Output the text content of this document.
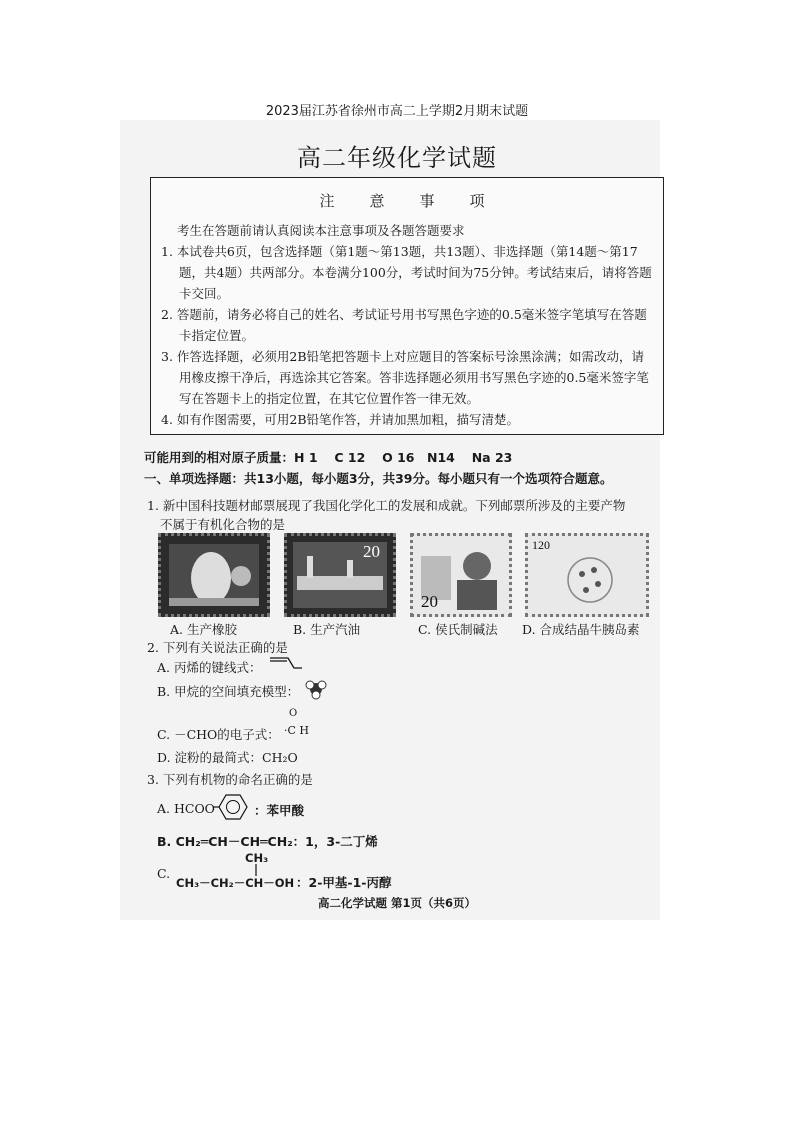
2023届江苏省徐州市高二上学期2月期末试题
高二年级化学试题
注　意　事　项
考生在答题前请认真阅读本注意事项及各题答题要求
1. 本试卷共6页，包含选择题（第1题～第13题，共13题）、非选择题（第14题～第17题，共4题）共两部分。本卷满分100分，考试时间为75分钟。考试结束后，请将答题卡交回。
2. 答题前，请务必将自己的姓名、考试证号用书写黑色字迹的0.5毫米签字笔填写在答题卡指定位置。
3. 作答选择题，必须用2B铅笔把答题卡上对应题目的答案标号涂黑涂满；如需改动，请用橡皮擦干净后，再选涂其它答案。答非选择题必须用书写黑色字迹的0.5毫米签字笔写在答题卡上的指定位置，在其它位置作答一律无效。
4. 如有作图需要，可用2B铅笔作答，并请加黑加粗，描写清楚。
可能用到的相对原子质量：H 1　 C 12　 O 16　N14　 Na 23
一、单项选择题：共13小题，每小题3分，共39分。每小题只有一个选项符合题意。
1. 新中国科技题材邮票展现了我国化学化工的发展和成就。下列邮票所涉及的主要产物
不属于有机化合物的是
20
20
120
A. 生产橡胶	B. 生产汽油	C. 侯氏制碱法 D. 合成结晶牛胰岛素
2. 下列有关说法正确的是
A. 丙烯的键线式：
B. 甲烷的空间填充模型：
C. －CHO的电子式：
O
·C H
D. 淀粉的最简式：CH₂O
3. 下列有机物的命名正确的是
A. HCOO	：苯甲酸
B. CH₂═CH－CH═CH₂：1，3-二丁烯
C.
CH₃
CH₃－CH₂－CH－OH ：2-甲基-1-丙醇
高二化学试题 第1页（共6页）
